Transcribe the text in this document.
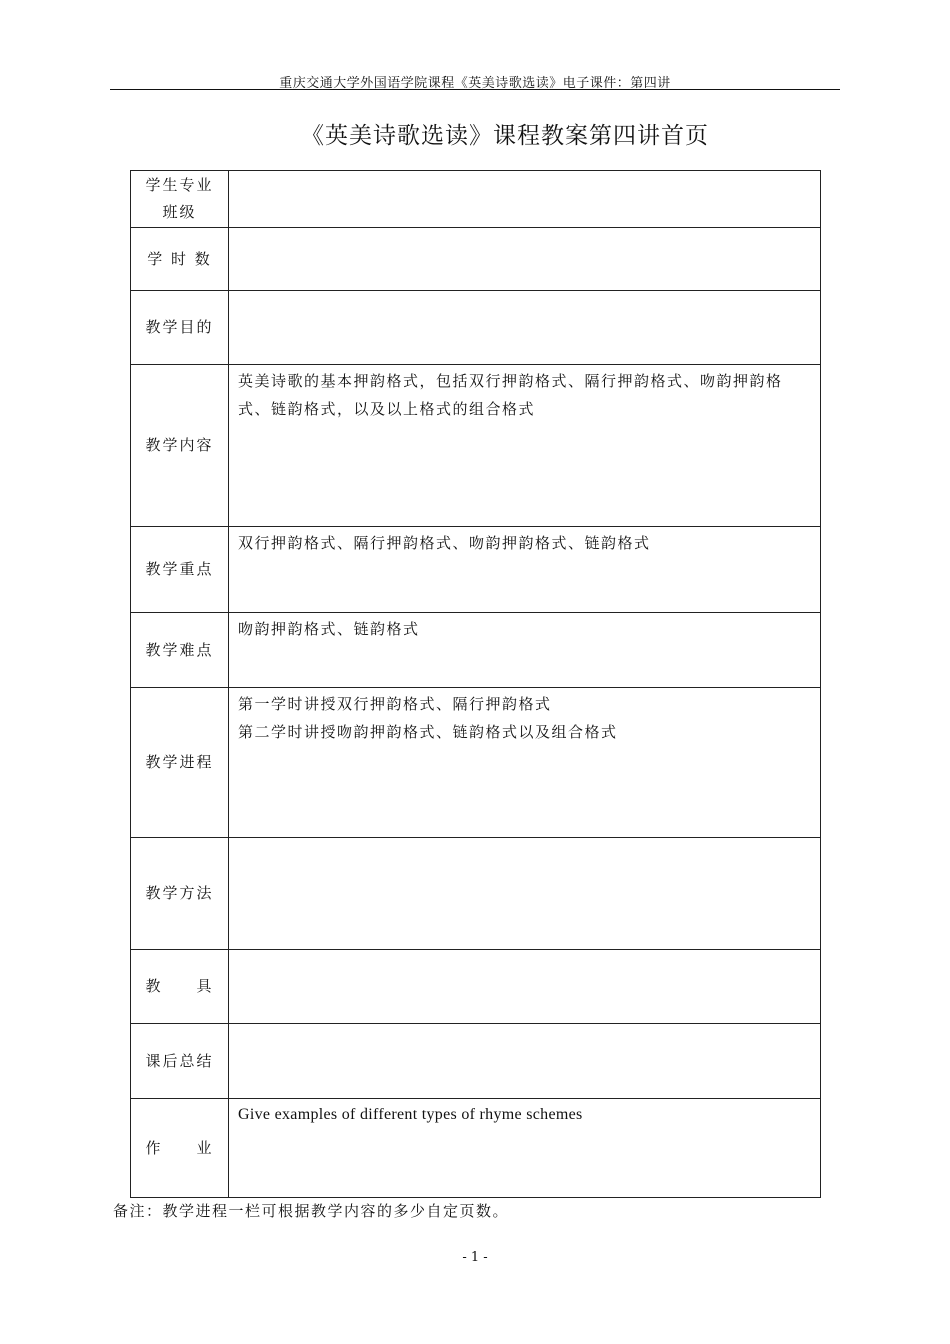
重庆交通大学外国语学院课程《英美诗歌选读》电子课件：第四讲
《英美诗歌选读》课程教案第四讲首页
学生专业班级	
学 时 数	
教学目的	
教学内容	英美诗歌的基本押韵格式，包括双行押韵格式、隔行押韵格式、吻韵押韵格式、链韵格式，以及以上格式的组合格式

教学重点	双行押韵格式、隔行押韵格式、吻韵押韵格式、链韵格式

教学难点	吻韵押韵格式、链韵格式

教学进程	第一学时讲授双行押韵格式、隔行押韵格式
第二学时讲授吻韵押韵格式、链韵格式以及组合格式

教学方法	
教　　具	
课后总结	
作　　业	Give examples of different types of rhyme schemes
备注：教学进程一栏可根据教学内容的多少自定页数。
- 1 -
